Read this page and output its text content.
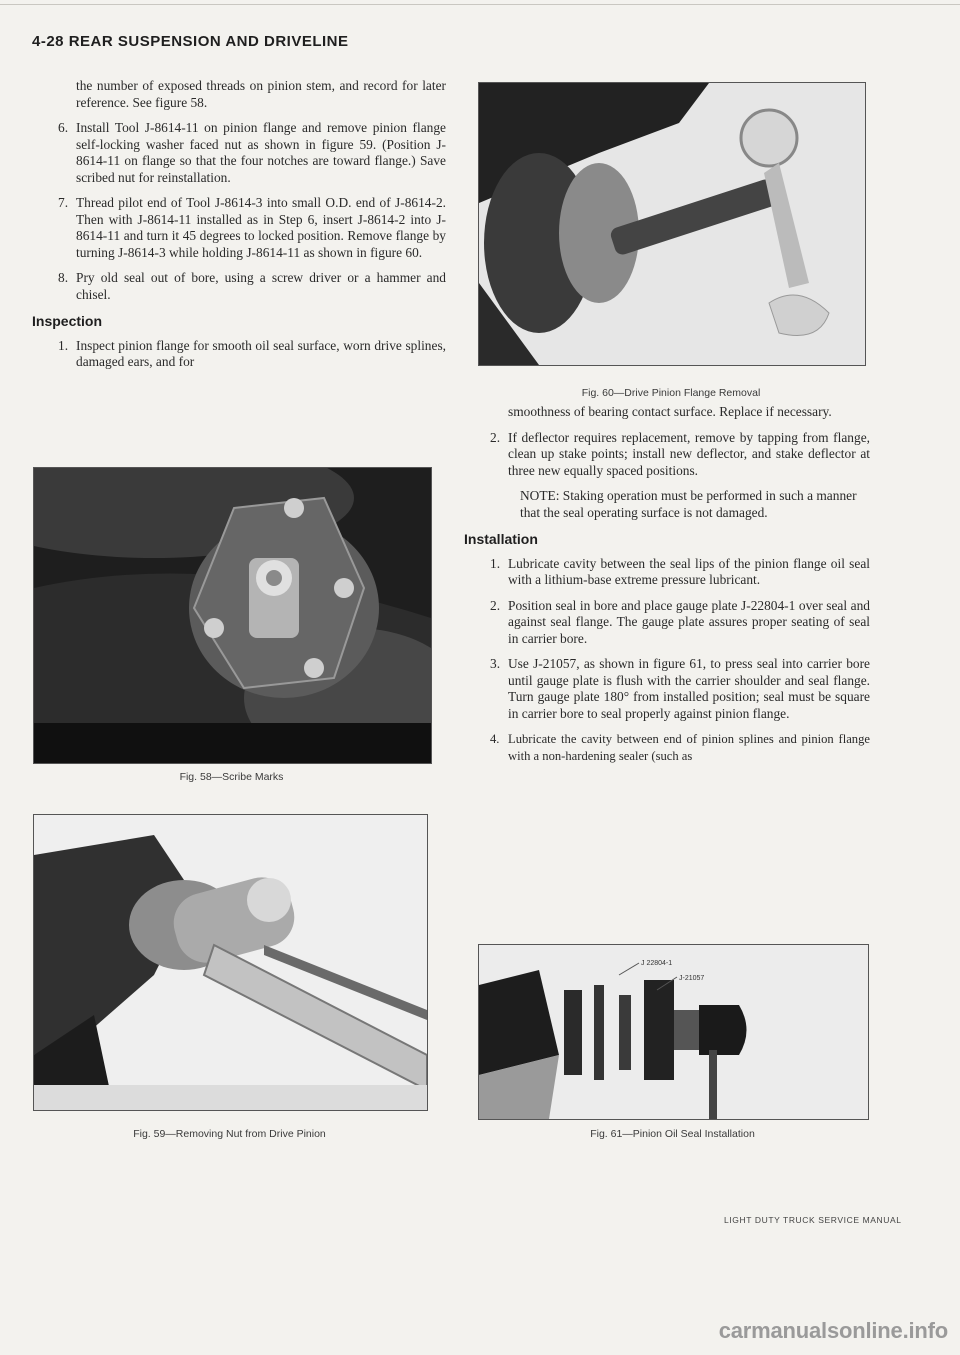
4-28 REAR SUSPENSION AND DRIVELINE

the number of exposed threads on pinion stem, and record for later reference. See figure 58.

6. Install Tool J-8614-11 on pinion flange and remove pinion flange self-locking washer faced nut as shown in figure 59. (Position J-8614-11 on flange so that the four notches are toward flange.) Save scribed nut for reinstallation.
7. Thread pilot end of Tool J-8614-3 into small O.D. end of J-8614-2. Then with J-8614-11 installed as in Step 6, insert J-8614-2 into J-8614-11 and turn it 45 degrees to locked position. Remove flange by turning J-8614-3 while holding J-8614-11 as shown in figure 60.
8. Pry old seal out of bore, using a screw driver or a hammer and chisel.
Inspection
1. Inspect pinion flange for smooth oil seal surface, worn drive splines, damaged ears, and for
Fig. 58—Scribe Marks
Fig. 59—Removing Nut from Drive Pinion
Fig. 60—Drive Pinion Flange Removal

smoothness of bearing contact surface. Replace if necessary.

2. If deflector requires replacement, remove by tapping from flange, clean up stake points; install new deflector, and stake deflector at three new equally spaced positions.

NOTE: Staking operation must be performed in such a manner that the seal operating surface is not damaged.

Installation
1. Lubricate cavity between the seal lips of the pinion flange oil seal with a lithium-base extreme pressure lubricant.
2. Position seal in bore and place gauge plate J-22804-1 over seal and against seal flange. The gauge plate assures proper seating of seal in carrier bore.
3. Use J-21057, as shown in figure 61, to press seal into carrier bore until gauge plate is flush with the carrier shoulder and seal flange. Turn gauge plate 180° from installed position; seal must be square in carrier bore to seal properly against pinion flange.
4. Lubricate the cavity between end of pinion splines and pinion flange with a non-hardening sealer (such as
J 22804-1
J-21057
Fig. 61—Pinion Oil Seal Installation
LIGHT DUTY TRUCK SERVICE MANUAL
carmanualsonline.info
